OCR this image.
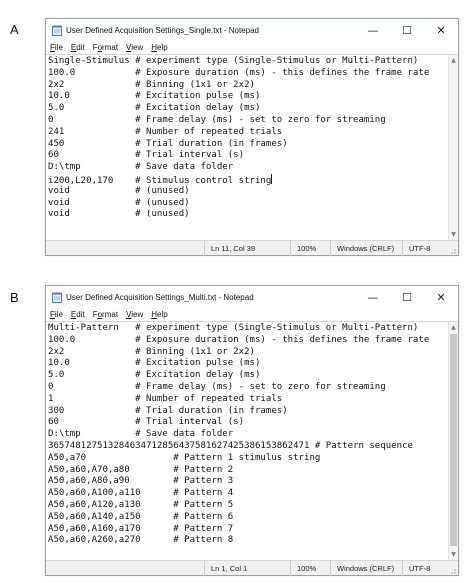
A	User Defined Acquisition Settings_Single.txt - Notepad	—	☐	✕
File Edit Format View Help
Single-Stimulus # experiment type (Single-Stimulus or Multi-Pattern)
100.0           # Exposure duration (ms) - this defines the frame rate
2x2             # Binning (1x1 or 2x2)
10.0            # Excitation pulse (ms)
5.0             # Excitation delay (ms)
0               # Frame delay (ms) - set to zero for streaming
241             # Number of repeated trials
450             # Trial duration (in frames)
60              # Trial interval (s)
D:\tmp          # Save data folder
i200,L20,170    # Stimulus control string
void            # (unused)
void            # (unused)
void            # (unused)
▲
▼
Ln 11, Col 39	100%	Windows (CRLF)	UTF-8
B	User Defined Acquisition Settings_Multi.txt - Notepad	—	☐	✕
File Edit Format View Help
Multi-Pattern   # experiment type (Single-Stimulus or Multi-Pattern)
100.0           # Exposure duration (ms) - this defines the frame rate
2x2             # Binning (1x1 or 2x2)
10.0            # Excitation pulse (ms)
5.0             # Excitation delay (ms)
0               # Frame delay (ms) - set to zero for streaming
1               # Number of repeated trials
300             # Trial duration (in frames)
60              # Trial interval (s)
D:\tmp          # Save data folder
365748127513284634712856437581627425386153862471 # Pattern sequence
A50,a70                # Pattern 1 stimulus string
A50,a60,A70,a80        # Pattern 2
A50,a60,A80,a90        # Pattern 3
A50,a60,A100,a110      # Pattern 4
A50,a60,A120,a130      # Pattern 5
A50,a60,A140,a150      # Pattern 6
A50,a60,A160,a170      # Pattern 7
A50,a60,A260,a270      # Pattern 8
▲
▼
Ln 1, Col 1	100%	Windows (CRLF)	UTF-8
